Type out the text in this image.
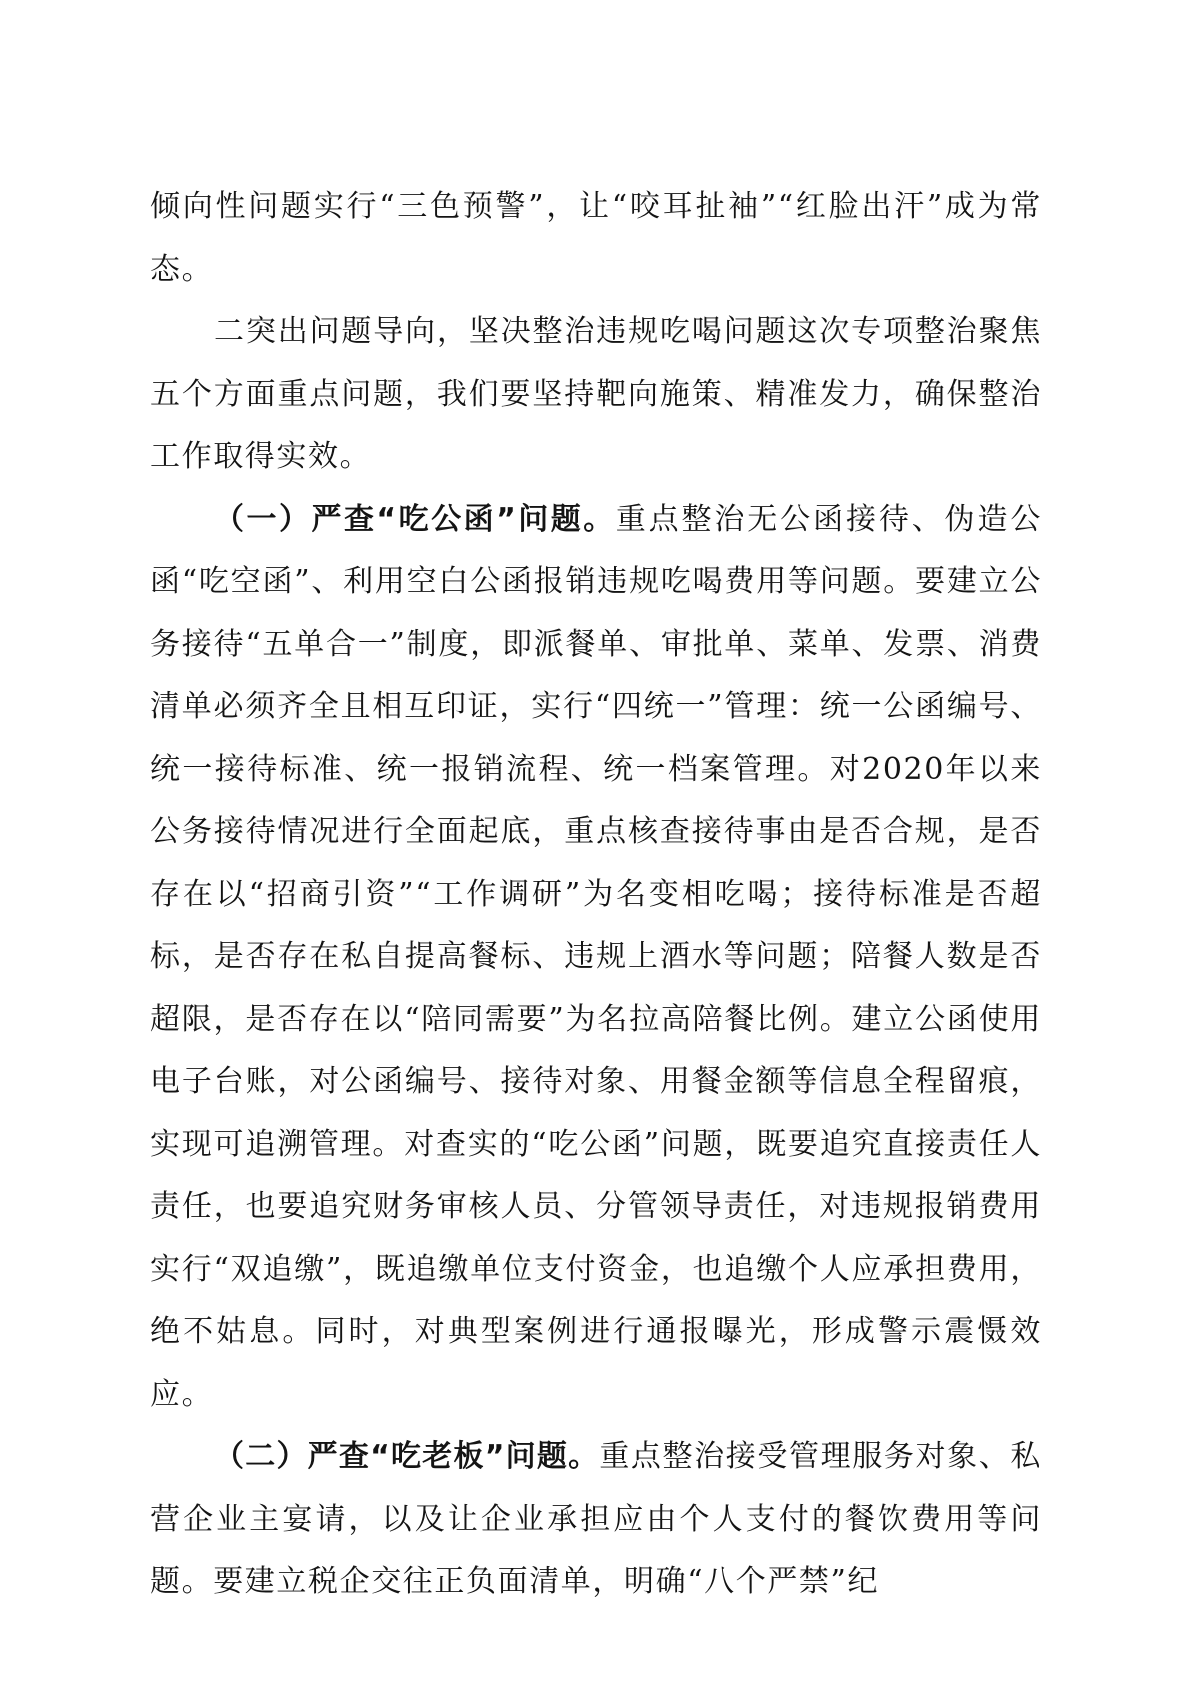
倾向性问题实行“三色预警”，让“咬耳扯袖”“红脸出汗”成为常态。

二突出问题导向，坚决整治违规吃喝问题这次专项整治聚焦五个方面重点问题，我们要坚持靶向施策、精准发力，确保整治工作取得实效。

（一）严查“吃公函”问题。重点整治无公函接待、伪造公函“吃空函”、利用空白公函报销违规吃喝费用等问题。要建立公务接待“五单合一”制度，即派餐单、审批单、菜单、发票、消费清单必须齐全且相互印证，实行“四统一”管理：统一公函编号、统一接待标准、统一报销流程、统一档案管理。对2020年以来公务接待情况进行全面起底，重点核查接待事由是否合规，是否存在以“招商引资”“工作调研”为名变相吃喝；接待标准是否超标，是否存在私自提高餐标、违规上酒水等问题；陪餐人数是否超限，是否存在以“陪同需要”为名拉高陪餐比例。建立公函使用电子台账，对公函编号、接待对象、用餐金额等信息全程留痕，实现可追溯管理。对查实的“吃公函”问题，既要追究直接责任人责任，也要追究财务审核人员、分管领导责任，对违规报销费用实行“双追缴”，既追缴单位支付资金，也追缴个人应承担费用，绝不姑息。同时，对典型案例进行通报曝光，形成警示震慑效应。

（二）严查“吃老板”问题。重点整治接受管理服务对象、私营企业主宴请，以及让企业承担应由个人支付的餐饮费用等问题。要建立税企交往正负面清单，明确“八个严禁”纪
